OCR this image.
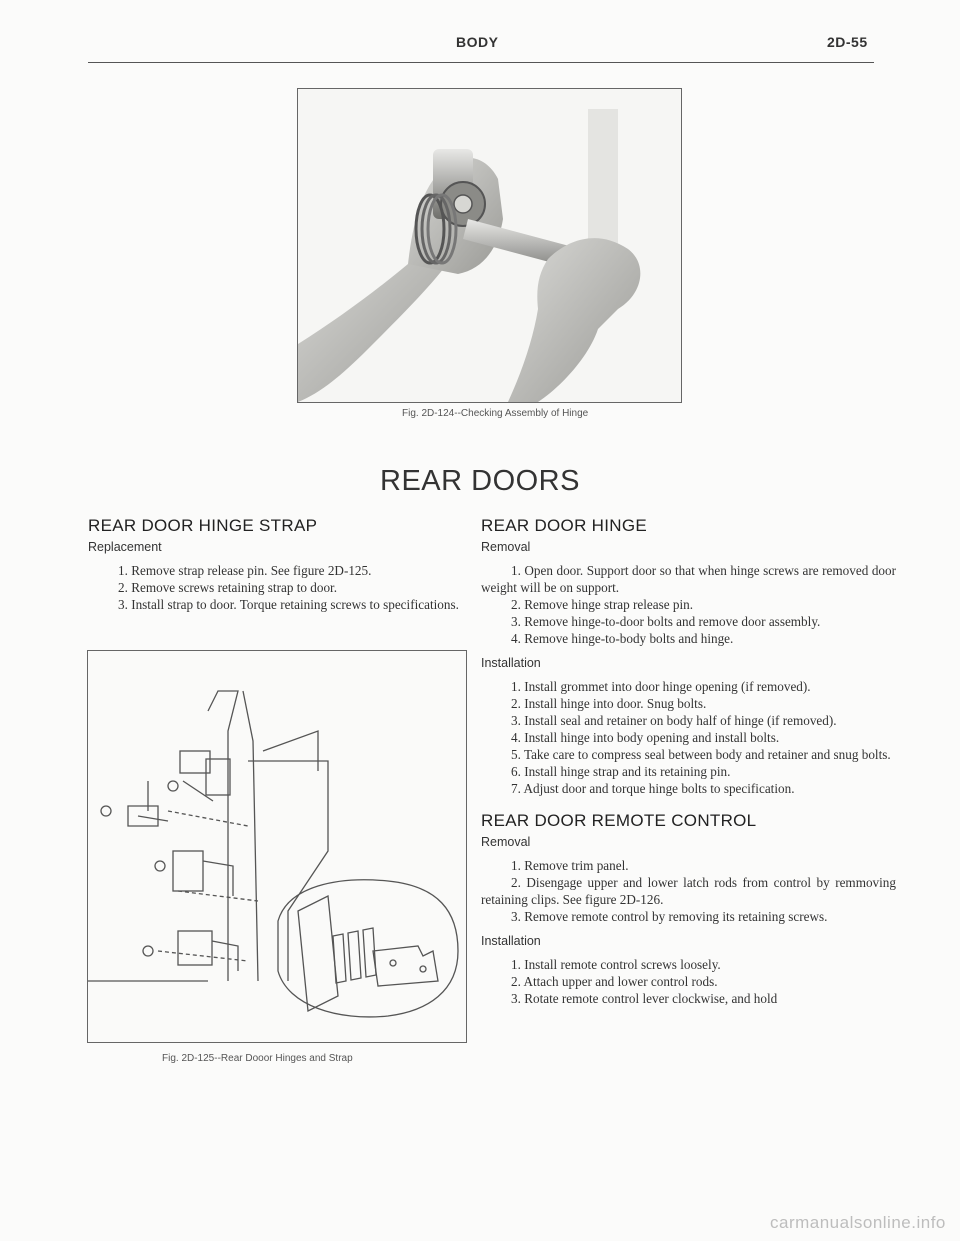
BODY	2D-55
Fig. 2D-124--Checking Assembly of Hinge
REAR DOORS
REAR DOOR HINGE STRAP
Replacement

1. Remove strap release pin. See figure 2D-125.

2. Remove screws retaining strap to door.

3. Install strap to door. Torque retaining screws to specifications.

Fig. 2D-125--Rear Dooor Hinges and Strap
REAR DOOR HINGE
Removal

1. Open door. Support door so that when hinge screws are removed door weight will be on support.

2. Remove hinge strap release pin.

3. Remove hinge-to-door bolts and remove door assembly.

4. Remove hinge-to-body bolts and hinge.

Installation

1. Install grommet into door hinge opening (if removed).

2. Install hinge into door. Snug bolts.

3. Install seal and retainer on body half of hinge (if removed).

4. Install hinge into body opening and install bolts.

5. Take care to compress seal between body and retainer and snug bolts.

6. Install hinge strap and its retaining pin.

7. Adjust door and torque hinge bolts to specification.

REAR DOOR REMOTE CONTROL
Removal

1. Remove trim panel.

2. Disengage upper and lower latch rods from control by remmoving retaining clips. See figure 2D-126.

3. Remove remote control by removing its retaining screws.

Installation

1. Install remote control screws loosely.

2. Attach upper and lower control rods.

3. Rotate remote control lever clockwise, and hold

carmanualsonline.info
